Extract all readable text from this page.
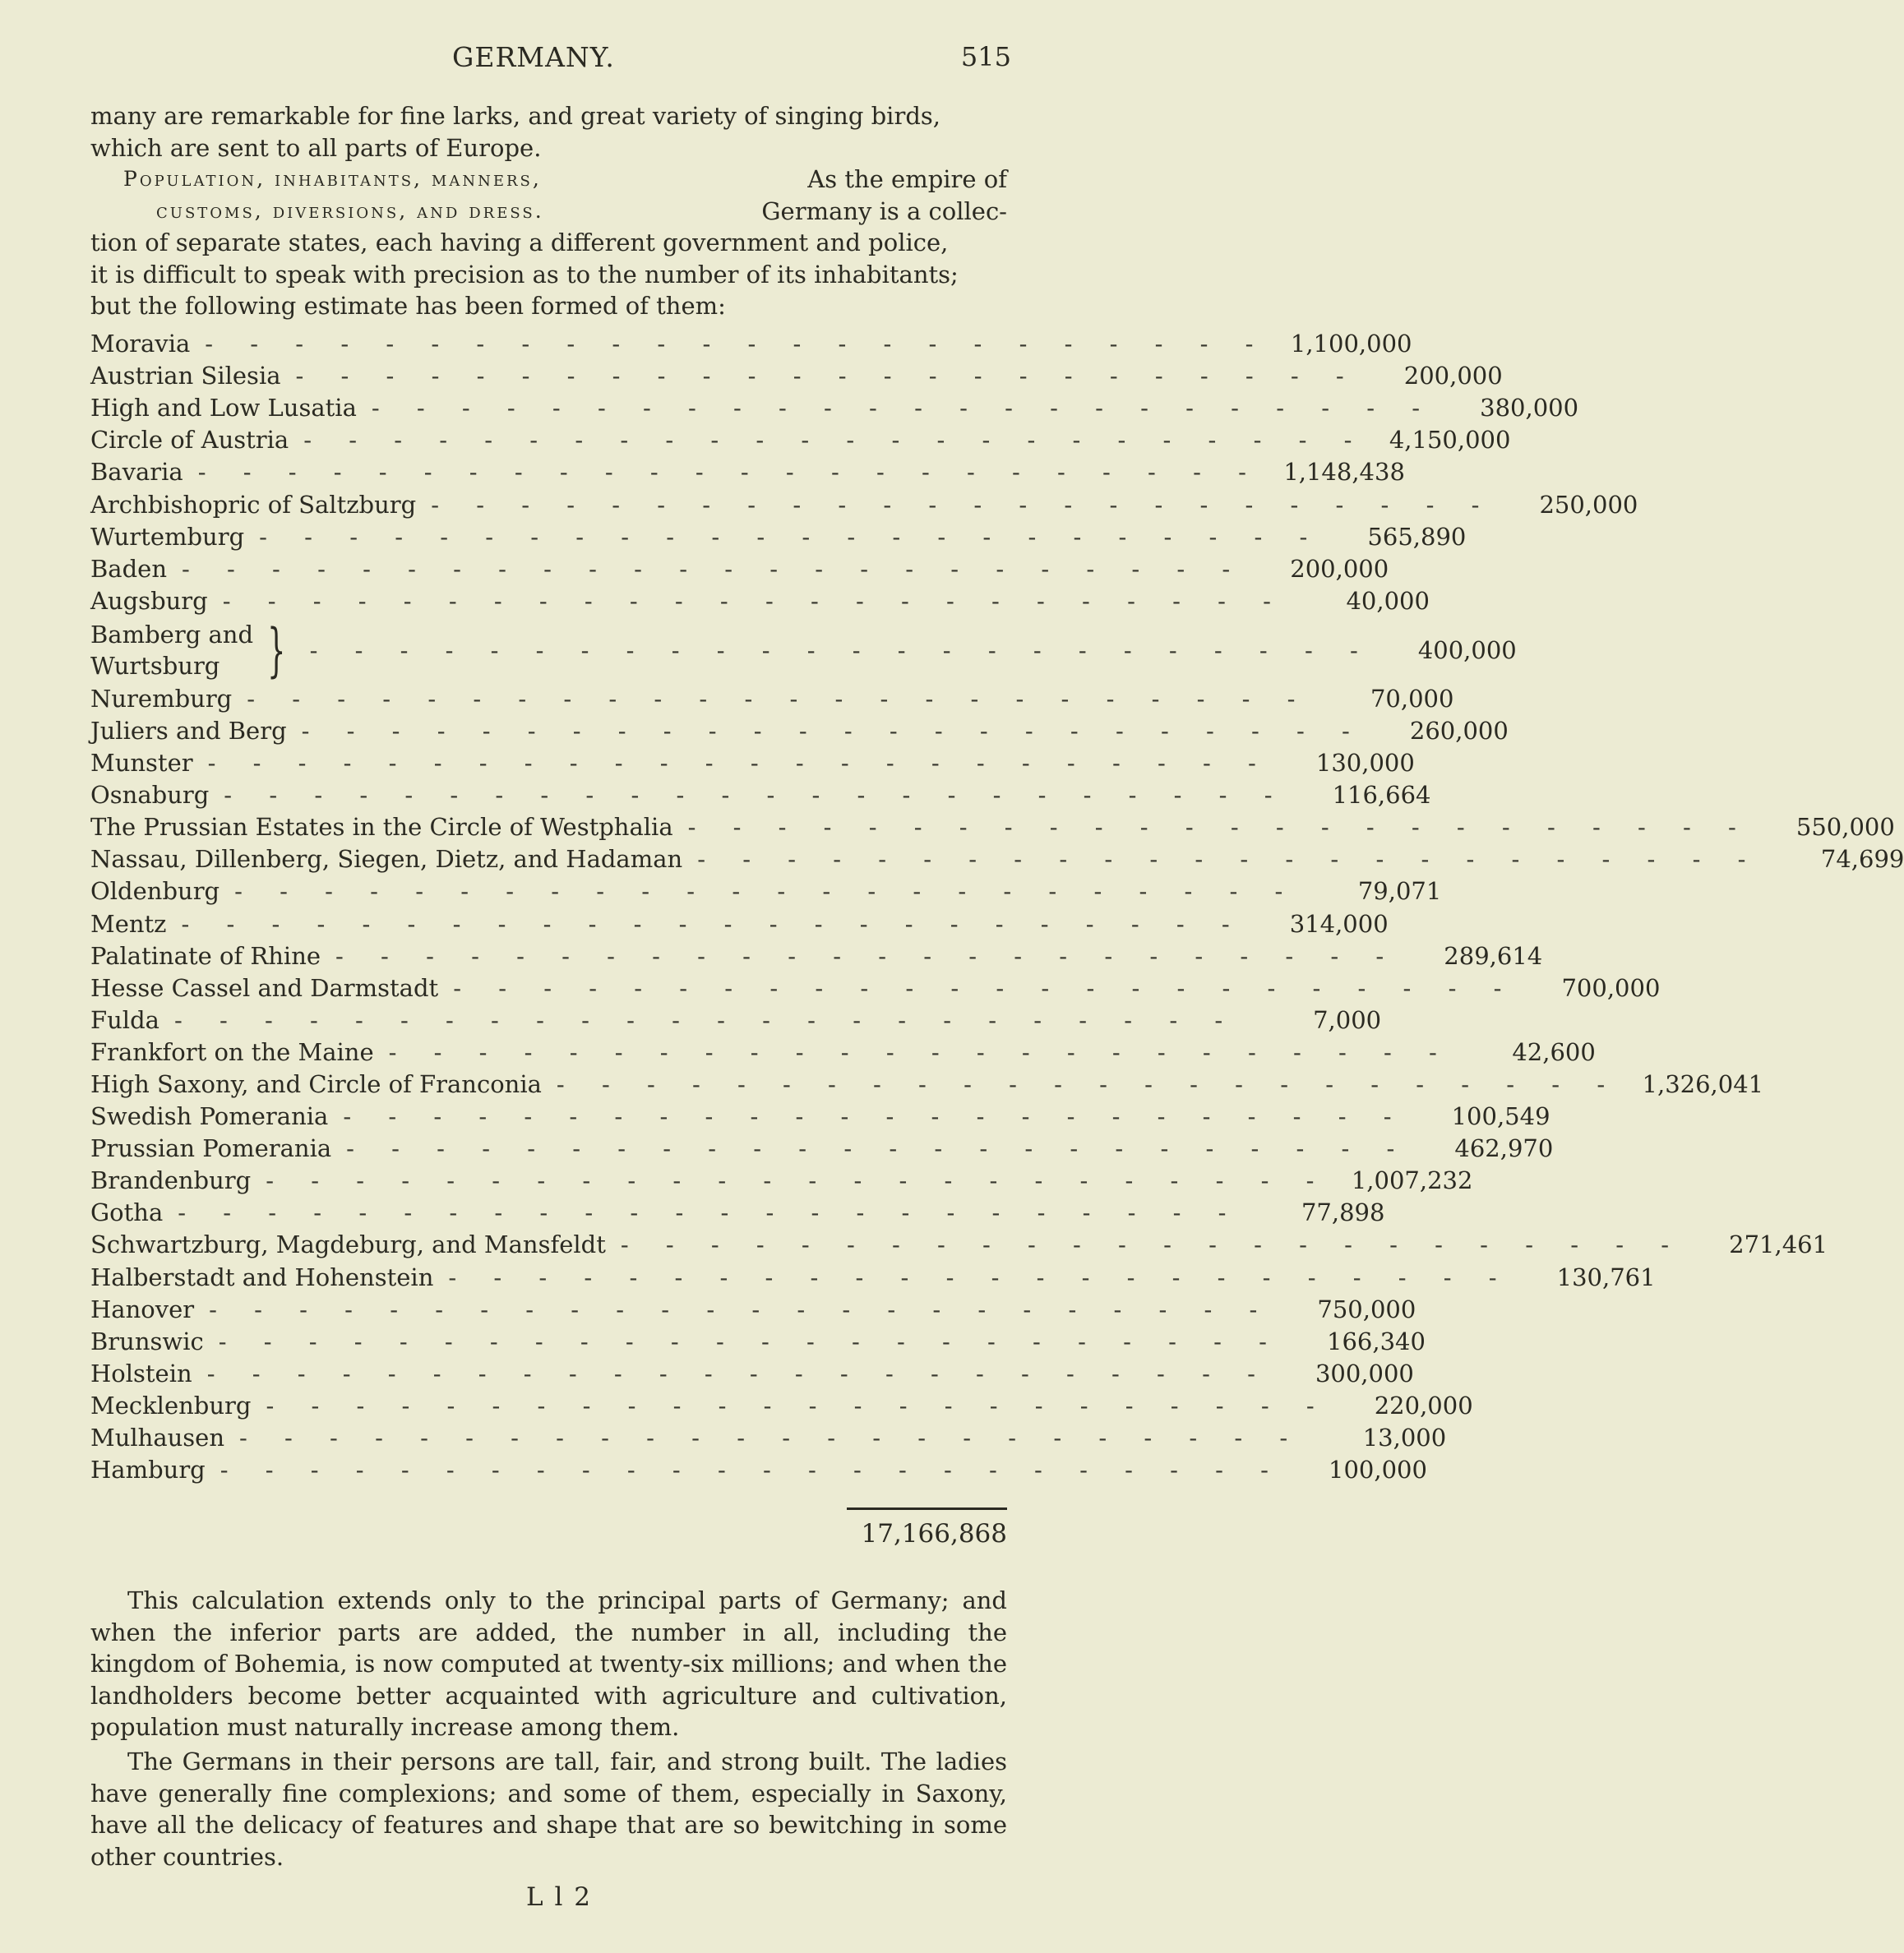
GERMANY.	515
many are remarkable for fine larks, and great variety of singing birds,
which are sent to all parts of Europe.
Population, inhabitants, manners,	As the empire of
customs, diversions, and dress.	Germany is a collec-
tion of separate states, each having a different government and police,
it is difficult to speak with precision as to the number of its inhabitants;
but the following estimate has been formed of them:
Moravia - - - - - - - - - - - - - - - - - - - - - - - - 1,100,000
Austrian Silesia - - - - - - - - - - - - - - - - - - - - - - - -	200,000
High and Low Lusatia - - - - - - - - - - - - - - - - - - - - - - - -	380,000
Circle of Austria - - - - - - - - - - - - - - - - - - - - - - - - 4,150,000
Bavaria - - - - - - - - - - - - - - - - - - - - - - - - 1,148,438
Archbishopric of Saltzburg - - - - - - - - - - - - - - - - - - - - - - - -	250,000
Wurtemburg - - - - - - - - - - - - - - - - - - - - - - - -	565,890
Baden - - - - - - - - - - - - - - - - - - - - - - - -	200,000
Augsburg - - - - - - - - - - - - - - - - - - - - - - - -	40,000
Bamberg and
Wurtsburg } - - - - - - - - - - - - - - - - - - - - - - - -	400,000
Nuremburg - - - - - - - - - - - - - - - - - - - - - - - -	70,000
Juliers and Berg - - - - - - - - - - - - - - - - - - - - - - - -	260,000
Munster - - - - - - - - - - - - - - - - - - - - - - - -	130,000
Osnaburg - - - - - - - - - - - - - - - - - - - - - - - -	116,664
The Prussian Estates in the Circle of Westphalia - - - - - - - - - - - - - - - - - - - - - - - -	550,000
Nassau, Dillenberg, Siegen, Dietz, and Hadaman - - - - - - - - - - - - - - - - - - - - - - - -	74,699
Oldenburg - - - - - - - - - - - - - - - - - - - - - - - -	79,071
Mentz - - - - - - - - - - - - - - - - - - - - - - - -	314,000
Palatinate of Rhine - - - - - - - - - - - - - - - - - - - - - - - -	289,614
Hesse Cassel and Darmstadt - - - - - - - - - - - - - - - - - - - - - - - -	700,000
Fulda - - - - - - - - - - - - - - - - - - - - - - - -	7,000
Frankfort on the Maine - - - - - - - - - - - - - - - - - - - - - - - -	42,600
High Saxony, and Circle of Franconia - - - - - - - - - - - - - - - - - - - - - - - - 1,326,041
Swedish Pomerania - - - - - - - - - - - - - - - - - - - - - - - -	100,549
Prussian Pomerania - - - - - - - - - - - - - - - - - - - - - - - -	462,970
Brandenburg - - - - - - - - - - - - - - - - - - - - - - - - 1,007,232
Gotha - - - - - - - - - - - - - - - - - - - - - - - -	77,898
Schwartzburg, Magdeburg, and Mansfeldt - - - - - - - - - - - - - - - - - - - - - - - -	271,461
Halberstadt and Hohenstein - - - - - - - - - - - - - - - - - - - - - - - -	130,761
Hanover - - - - - - - - - - - - - - - - - - - - - - - -	750,000
Brunswic - - - - - - - - - - - - - - - - - - - - - - - -	166,340
Holstein - - - - - - - - - - - - - - - - - - - - - - - -	300,000
Mecklenburg - - - - - - - - - - - - - - - - - - - - - - - -	220,000
Mulhausen - - - - - - - - - - - - - - - - - - - - - - - -	13,000
Hamburg - - - - - - - - - - - - - - - - - - - - - - - -	100,000
17,166,868
This calculation extends only to the principal parts of Germany; and when the inferior parts are added, the number in all, including the kingdom of Bohemia, is now computed at twenty-six millions; and when the landholders become better acquainted with agriculture and cultivation, population must naturally increase among them.
The Germans in their persons are tall, fair, and strong built. The ladies have generally fine complexions; and some of them, especially in Saxony, have all the delicacy of features and shape that are so bewitching in some other countries.
L l 2
